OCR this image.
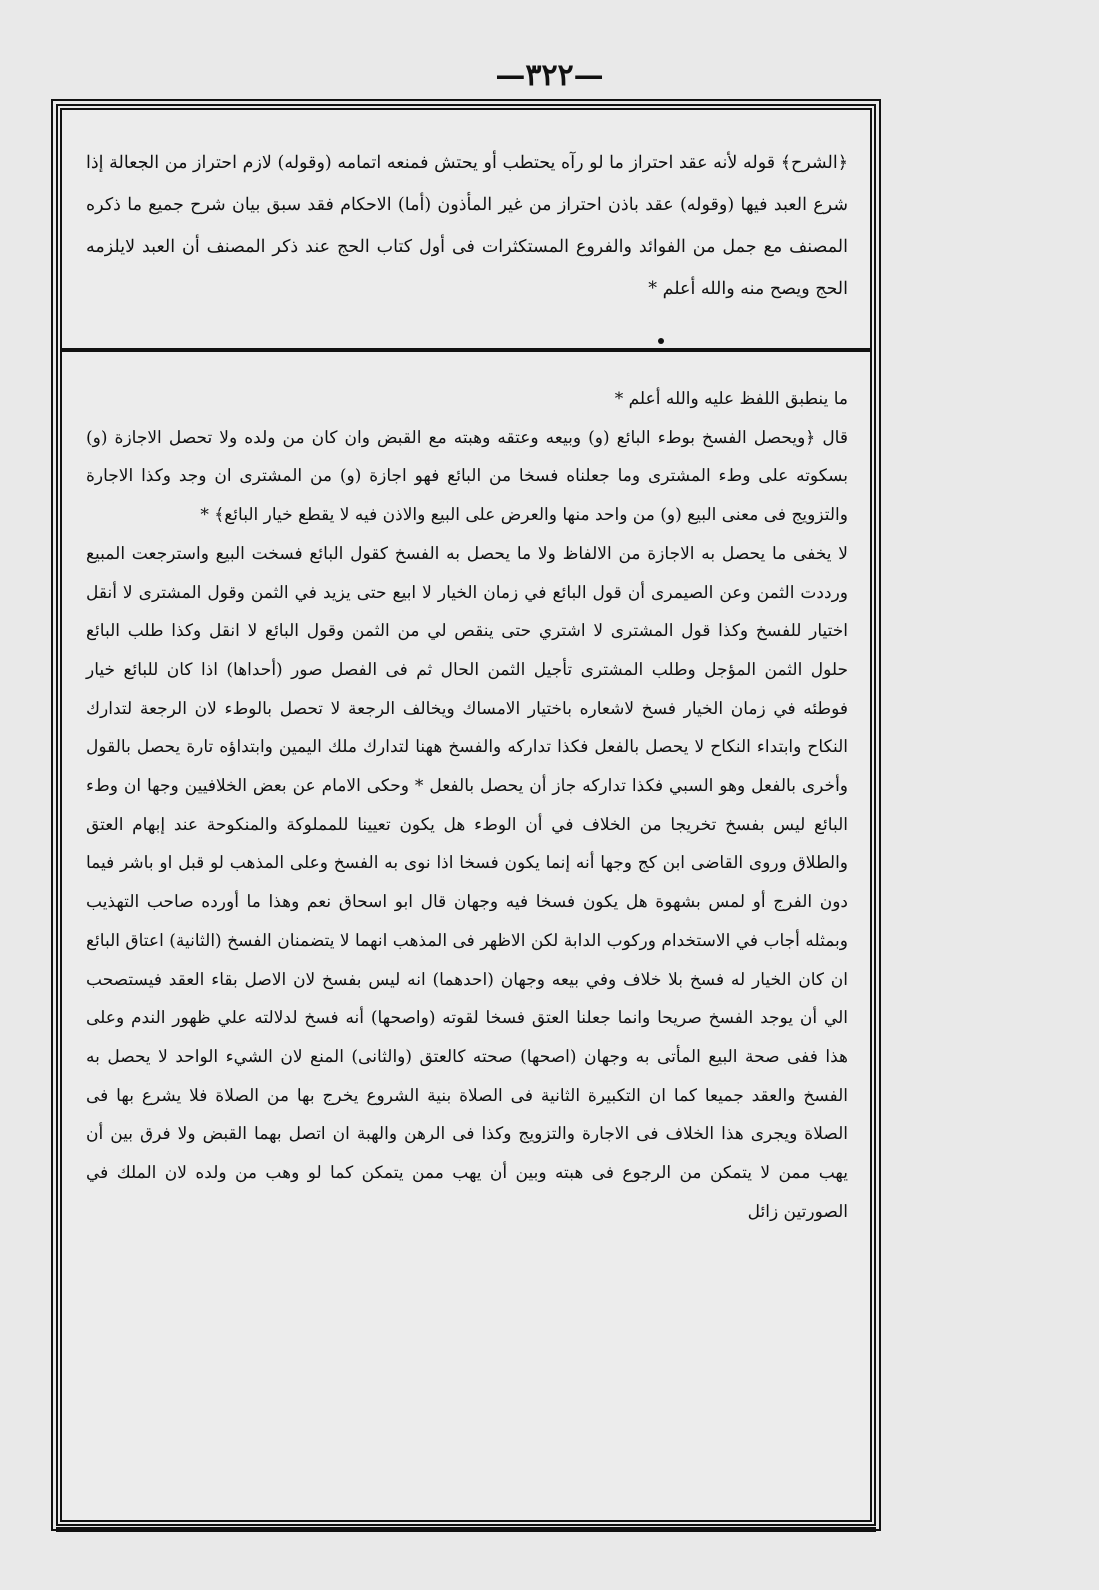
—٣٢٢—
﴿الشرح﴾ قوله لأنه عقد احتراز ما لو رآه يحتطب أو يحتش فمنعه اتمامه (وقوله) لازم احتراز من الجعالة إذا شرع العبد فيها (وقوله) عقد باذن احتراز من غير المأذون (أما) الاحكام فقد سبق بيان شرح جميع ما ذكره المصنف مع جمل من الفوائد والفروع المستكثرات فى أول كتاب الحج عند ذكر المصنف أن العبد لايلزمه الحج ويصح منه والله أعلم *

ما ينطبق اللفظ عليه والله أعلم *

قال ﴿ويحصل الفسخ بوطء البائع (و) وبيعه وعتقه وهبته مع القبض وان كان من ولده ولا تحصل الاجازة (و) بسكوته على وطء المشترى وما جعلناه فسخا من البائع فهو اجازة (و) من المشترى ان وجد وكذا الاجارة والتزويج فى معنى البيع (و) من واحد منها والعرض على البيع والاذن فيه لا يقطع خيار البائع﴾ *

لا يخفى ما يحصل به الاجازة من الالفاظ ولا ما يحصل به الفسخ كقول البائع فسخت البيع واسترجعت المبيع ورددت الثمن وعن الصيمرى أن قول البائع في زمان الخيار لا ابيع حتى يزيد في الثمن وقول المشترى لا أنقل اختيار للفسخ وكذا قول المشترى لا اشتري حتى ينقص لي من الثمن وقول البائع لا انقل وكذا طلب البائع حلول الثمن المؤجل وطلب المشترى تأجيل الثمن الحال ثم فى الفصل صور (أحداها) اذا كان للبائع خيار فوطئه في زمان الخيار فسخ لاشعاره باختيار الامساك ويخالف الرجعة لا تحصل بالوطء لان الرجعة لتدارك النكاح وابتداء النكاح لا يحصل بالفعل فكذا تداركه والفسخ ههنا لتدارك ملك اليمين وابتداؤه تارة يحصل بالقول وأخرى بالفعل وهو السبي فكذا تداركه جاز أن يحصل بالفعل * وحكى الامام عن بعض الخلافيين وجها ان وطء البائع ليس بفسخ تخريجا من الخلاف في أن الوطء هل يكون تعيينا للمملوكة والمنكوحة عند إبهام العتق والطلاق وروى القاضى ابن كج وجها أنه إنما يكون فسخا اذا نوى به الفسخ وعلى المذهب لو قبل او باشر فيما دون الفرج أو لمس بشهوة هل يكون فسخا فيه وجهان قال ابو اسحاق نعم وهذا ما أورده صاحب التهذيب وبمثله أجاب في الاستخدام وركوب الدابة لكن الاظهر فى المذهب انهما لا يتضمنان الفسخ (الثانية) اعتاق البائع ان كان الخيار له فسخ بلا خلاف وفي بيعه وجهان (احدهما) انه ليس بفسخ لان الاصل بقاء العقد فيستصحب الي أن يوجد الفسخ صريحا وانما جعلنا العتق فسخا لقوته (واصحها) أنه فسخ لدلالته علي ظهور الندم وعلى هذا ففى صحة البيع المأتى به وجهان (اصحها) صحته كالعتق (والثانى) المنع لان الشيء الواحد لا يحصل به الفسخ والعقد جميعا كما ان التكبيرة الثانية فى الصلاة بنية الشروع يخرج بها من الصلاة فلا يشرع بها فى الصلاة ويجرى هذا الخلاف فى الاجارة والتزويج وكذا فى الرهن والهبة ان اتصل بهما القبض ولا فرق بين أن يهب ممن لا يتمكن من الرجوع فى هبته وبين أن يهب ممن يتمكن كما لو وهب من ولده لان الملك في الصورتين زائل
